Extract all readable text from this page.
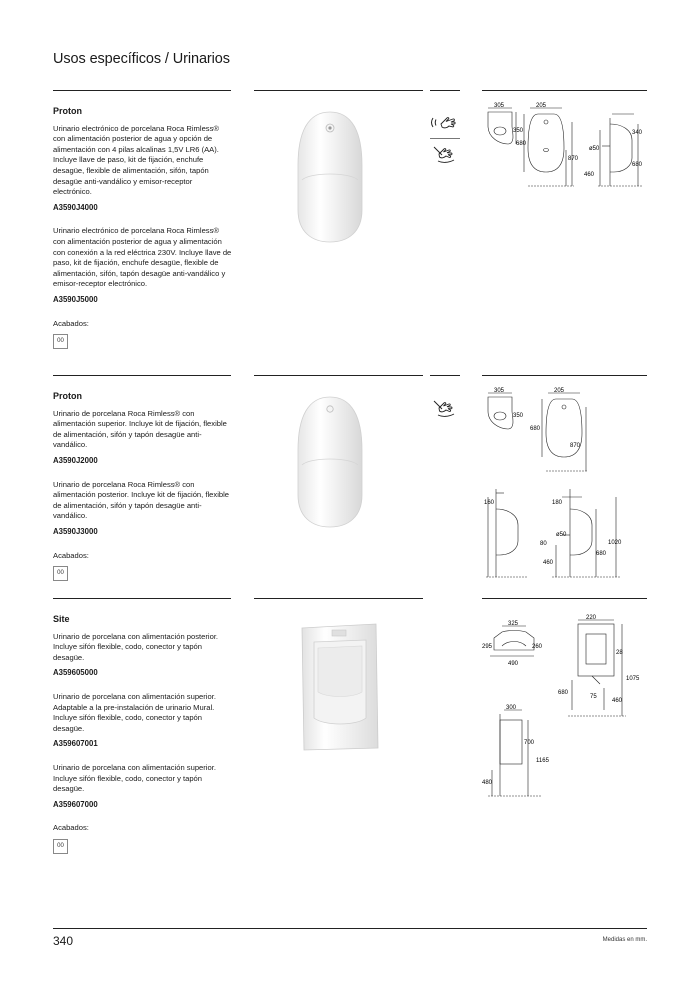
Usos específicos / Urinarios
Proton

Urinario electrónico de porcelana Roca Rimless® con alimentación posterior de agua y opción de alimentación con 4 pilas alcalinas 1,5V LR6 (AA). Incluye llave de paso, kit de fijación, enchufe desagüe, flexible de alimentación, sifón, tapón desagüe anti-vandálico y emisor-receptor electrónico.

A3590J4000

Urinario electrónico de porcelana Roca Rimless® con alimentación posterior de agua y alimentación con conexión a la red eléctrica 230V. Incluye llave de paso, kit de fijación, enchufe desagüe, flexible de alimentación, sifón, tapón desagüe anti-vandálico y emisor-receptor electrónico.

A3590J5000

Acabados:

00
Proton

Urinario de porcelana Roca Rimless® con alimentación superior. Incluye kit de fijación, flexible de alimentación, sifón y tapón desagüe anti-vandálico.

A3590J2000

Urinario de porcelana Roca Rimless® con alimentación posterior. Incluye kit de fijación, flexible de alimentación, sifón y tapón desagüe anti-vandálico.

A3590J3000

Acabados:

00
Site

Urinario de porcelana con alimentación posterior. Incluye sifón flexible, codo, conector y tapón desagüe.

A359605000

Urinario de porcelana con alimentación superior. Adaptable a la pre-instalación de urinario Mural. Incluye sifón flexible, codo, conector y tapón desagüe.

A359607001

Urinario de porcelana con alimentación superior. Incluye sifón flexible, codo, conector y tapón desagüe.

A359607000

Acabados:

00
305
350
205
680
870
ø50
340
680
460
305
350
205
680
870
160	180
ø50
80	1020
680
460
325
295	260
490
220
28
1075
680
75
460
300
700
1165
480
340	Medidas en mm.
